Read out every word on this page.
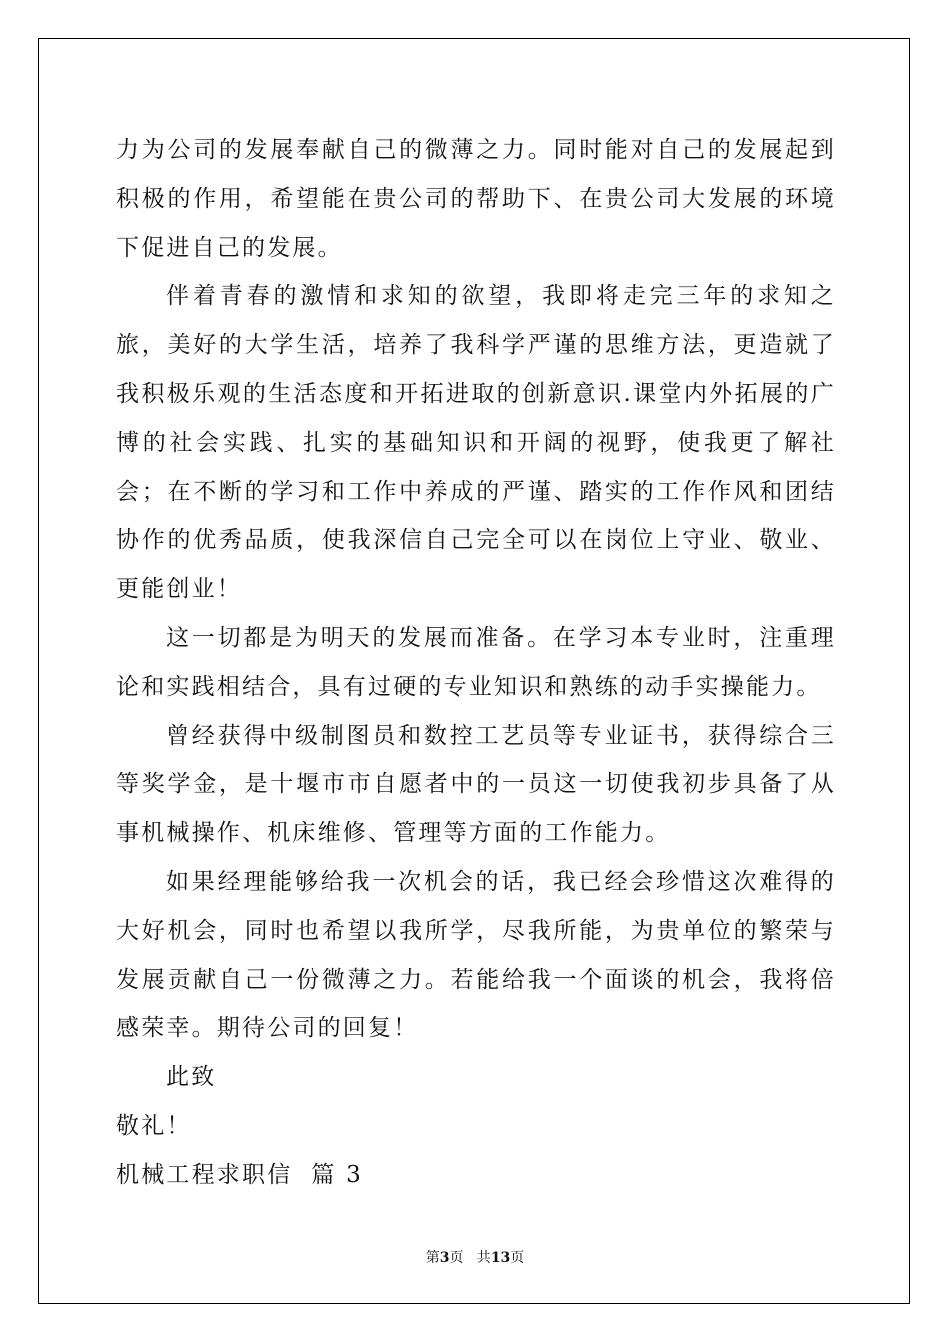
力为公司的发展奉献自己的微薄之力。同时能对自己的发展起到积极的作用，希望能在贵公司的帮助下、在贵公司大发展的环境下促进自己的发展。

伴着青春的激情和求知的欲望，我即将走完三年的求知之旅，美好的大学生活，培养了我科学严谨的思维方法，更造就了我积极乐观的生活态度和开拓进取的创新意识.课堂内外拓展的广博的社会实践、扎实的基础知识和开阔的视野，使我更了解社会；在不断的学习和工作中养成的严谨、踏实的工作作风和团结协作的优秀品质，使我深信自己完全可以在岗位上守业、敬业、更能创业！

这一切都是为明天的发展而准备。在学习本专业时，注重理论和实践相结合，具有过硬的专业知识和熟练的动手实操能力。

曾经获得中级制图员和数控工艺员等专业证书，获得综合三等奖学金，是十堰市市自愿者中的一员这一切使我初步具备了从事机械操作、机床维修、管理等方面的工作能力。

如果经理能够给我一次机会的话，我已经会珍惜这次难得的大好机会，同时也希望以我所学，尽我所能，为贵单位的繁荣与发展贡献自己一份微薄之力。若能给我一个面谈的机会，我将倍感荣幸。期待公司的回复！

此致

敬礼！

机械工程求职信  篇 3

第3页   共13页
